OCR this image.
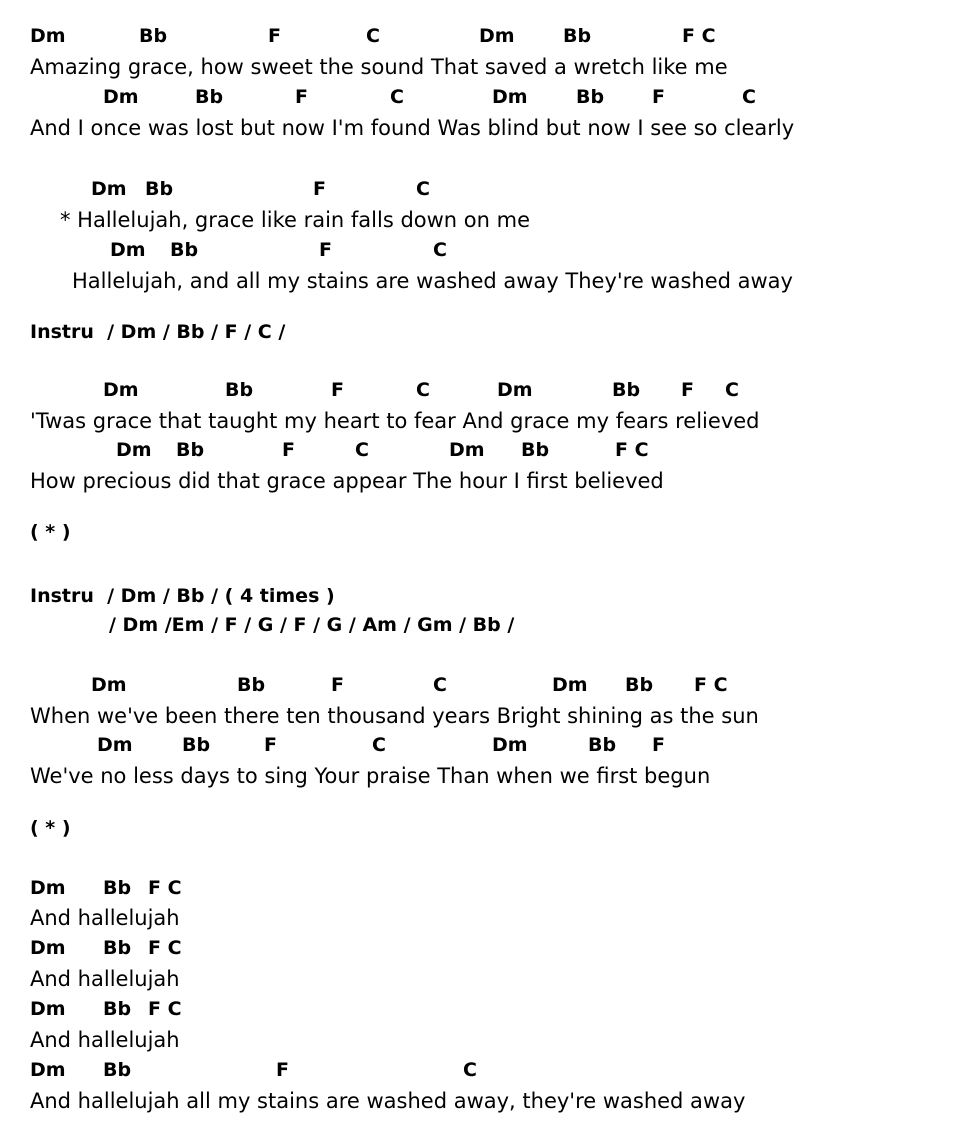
Dm	Bb	F	C	Dm	Bb	F C
Amazing grace, how sweet the sound That saved a wretch like me
Dm	Bb	F	C	Dm	Bb	F	C
And I once was lost but now I'm found Was blind but now I see so clearly
Dm Bb	F	C
* Hallelujah, grace like rain falls down on me
Dm Bb	F	C
Hallelujah, and all my stains are washed away They're washed away
Instru  / Dm / Bb / F / C /
Dm	Bb	F	C	Dm	Bb F C
'Twas grace that taught my heart to fear And grace my fears relieved
Dm Bb	F	C	Dm Bb	F C
How precious did that grace appear The hour I first believed
( * )
Instru  / Dm / Bb / ( 4 times )
/ Dm /Em / F / G / F / G / Am / Gm / Bb /
Dm	Bb	F	C	Dm Bb F C
When we've been there ten thousand years Bright shining as the sun
Dm	Bb	F	C	Dm	Bb F
We've no less days to sing Your praise Than when we first begun
( * )
Dm Bb F C
And hallelujah
Dm Bb F C
And hallelujah
Dm Bb F C
And hallelujah
Dm Bb	F	C
And hallelujah all my stains are washed away, they're washed away
